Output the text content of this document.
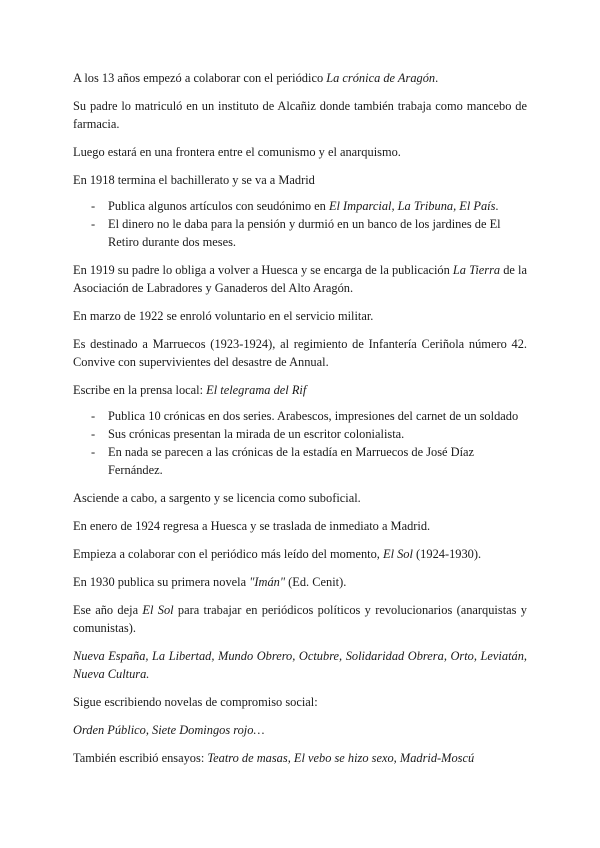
A los 13 años empezó a colaborar con el periódico La crónica de Aragón.

Su padre lo matriculó en un instituto de Alcañiz donde también trabaja como mancebo de farmacia.

Luego estará en una frontera entre el comunismo y el anarquismo.

En 1918 termina el bachillerato y se va a Madrid

- Publica algunos artículos con seudónimo en El Imparcial, La Tribuna, El País.
- El dinero no le daba para la pensión y durmió en un banco de los jardines de El Retiro durante dos meses.

En 1919 su padre lo obliga a volver a Huesca y se encarga de la publicación La Tierra de la Asociación de Labradores y Ganaderos del Alto Aragón.

En marzo de 1922 se enroló voluntario en el servicio militar.

Es destinado a Marruecos (1923-1924), al regimiento de Infantería Ceriñola número 42. Convive con supervivientes del desastre de Annual.

Escribe en la prensa local: El telegrama del Rif

- Publica 10 crónicas en dos series. Arabescos, impresiones del carnet de un soldado
- Sus crónicas presentan la mirada de un escritor colonialista.
- En nada se parecen a las crónicas de la estadía en Marruecos de José Díaz Fernández.

Asciende a cabo, a sargento y se licencia como suboficial.

En enero de 1924 regresa a Huesca y se traslada de inmediato a Madrid.

Empieza a colaborar con el periódico más leído del momento, El Sol (1924-1930).

En 1930 publica su primera novela "Imán" (Ed. Cenit).

Ese año deja El Sol para trabajar en periódicos políticos y revolucionarios (anarquistas y comunistas).

Nueva España, La Libertad, Mundo Obrero, Octubre, Solidaridad Obrera, Orto, Leviatán, Nueva Cultura.

Sigue escribiendo novelas de compromiso social:

Orden Público, Siete Domingos rojo…

También escribió ensayos: Teatro de masas, El vebo se hizo sexo, Madrid-Moscú
